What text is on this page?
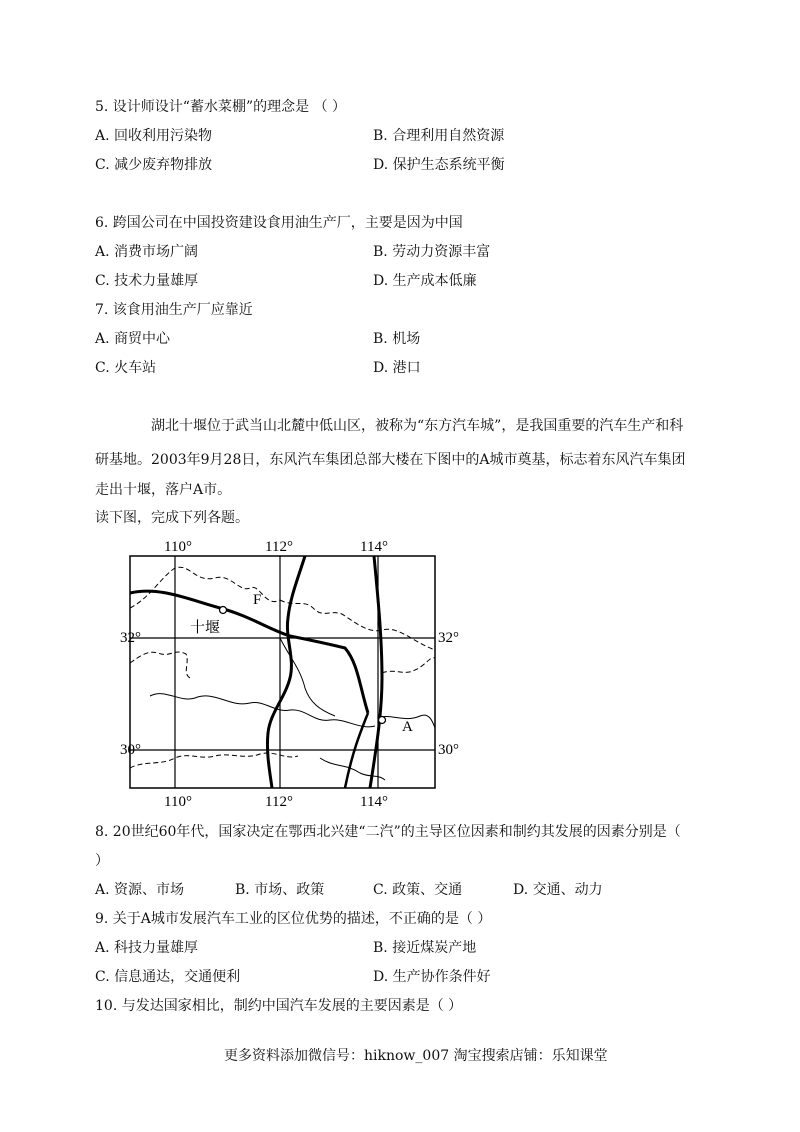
5. 设计师设计“蓄水菜棚”的理念是 （ ）
A. 回收利用污染物	B. 合理利用自然资源
C. 减少废弃物排放	D. 保护生态系统平衡
6. 跨国公司在中国投资建设食用油生产厂，主要是因为中国
A. 消费市场广阔	B. 劳动力资源丰富
C. 技术力量雄厚	D. 生产成本低廉
7. 该食用油生产厂应靠近
A. 商贸中心	B. 机场
C. 火车站	D. 港口
湖北十堰位于武当山北麓中低山区，被称为“东方汽车城”，是我国重要的汽车生产和科
研基地。2003年9月28日，东风汽车集团总部大楼在下图中的A城市奠基，标志着东风汽车集团
走出十堰，落户A市。
读下图，完成下列各题。
110°	112°	114°
110°	112°	114°
32°
30°
32°
30°
十堰
F
A
8. 20世纪60年代，国家决定在鄂西北兴建“二汽”的主导区位因素和制约其发展的因素分别是（
）
A. 资源、市场	B. 市场、政策	C. 政策、交通	D. 交通、动力
9. 关于A城市发展汽车工业的区位优势的描述，不正确的是（ ）
A. 科技力量雄厚	B. 接近煤炭产地
C. 信息通达，交通便利	D. 生产协作条件好
10. 与发达国家相比，制约中国汽车发展的主要因素是（ ）
更多资料添加微信号：hiknow_007 淘宝搜索店铺：乐知课堂
